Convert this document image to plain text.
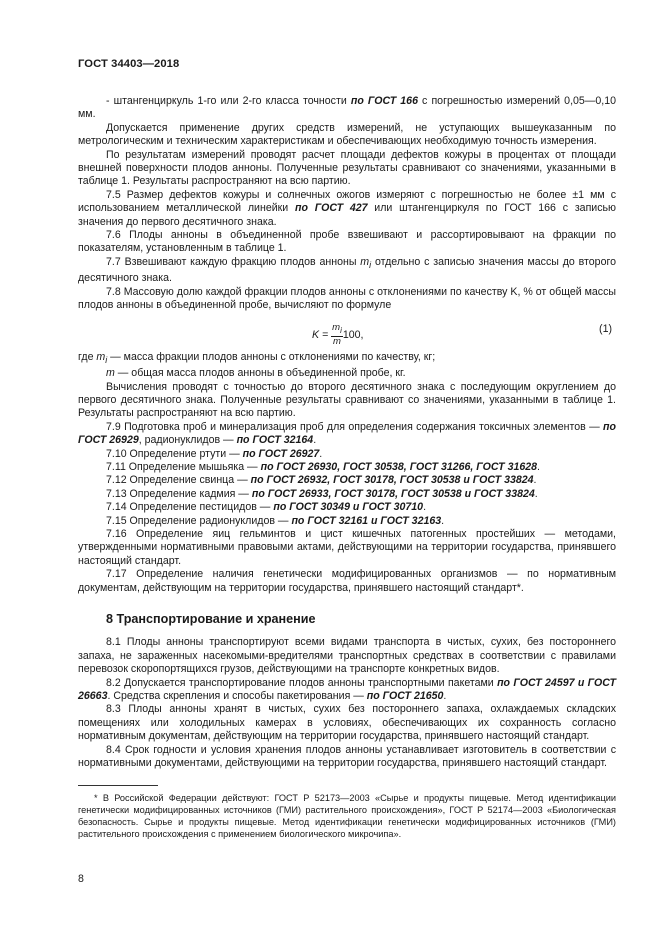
ГОСТ 34403—2018

- штангенциркуль 1-го или 2-го класса точности по ГОСТ 166 с погрешностью измерений 0,05—0,10 мм.

Допускается применение других средств измерений, не уступающих вышеуказанным по метрологическим и техническим характеристикам и обеспечивающих необходимую точность измерения.

По результатам измерений проводят расчет площади дефектов кожуры в процентах от площади внешней поверхности плодов анноны. Полученные результаты сравнивают со значениями, указанными в таблице 1. Результаты распространяют на всю партию.

7.5 Размер дефектов кожуры и солнечных ожогов измеряют с погрешностью не более ±1 мм с использованием металлической линейки по ГОСТ 427 или штангенциркуля по ГОСТ 166 с записью значения до первого десятичного знака.

7.6 Плоды анноны в объединенной пробе взвешивают и рассортировывают на фракции по показателям, установленным в таблице 1.

7.7 Взвешивают каждую фракцию плодов анноны $m_i$ отдельно с записью значения массы до второго десятичного знака.

7.8 Массовую долю каждой фракции плодов анноны с отклонениями по качеству K, % от общей массы плодов анноны в объединенной пробе, вычисляют по формуле

$K = \frac{m_i}{m} 100$,	(1)

где $m_i$ — масса фракции плодов анноны с отклонениями по качеству, кг;

m — общая масса плодов анноны в объединенной пробе, кг.

Вычисления проводят с точностью до второго десятичного знака с последующим округлением до первого десятичного знака. Полученные результаты сравнивают со значениями, указанными в таблице 1. Результаты распространяют на всю партию.

7.9 Подготовка проб и минерализация проб для определения содержания токсичных элементов — по ГОСТ 26929, радионуклидов — по ГОСТ 32164.

7.10 Определение ртути — по ГОСТ 26927.

7.11 Определение мышьяка — по ГОСТ 26930, ГОСТ 30538, ГОСТ 31266, ГОСТ 31628.

7.12 Определение свинца — по ГОСТ 26932, ГОСТ 30178, ГОСТ 30538 и ГОСТ 33824.

7.13 Определение кадмия — по ГОСТ 26933, ГОСТ 30178, ГОСТ 30538 и ГОСТ 33824.

7.14 Определение пестицидов — по ГОСТ 30349 и ГОСТ 30710.

7.15 Определение радионуклидов — по ГОСТ 32161 и ГОСТ 32163.

7.16 Определение яиц гельминтов и цист кишечных патогенных простейших — методами, утвержденными нормативными правовыми актами, действующими на территории государства, принявшего настоящий стандарт.

7.17 Определение наличия генетически модифицированных организмов — по нормативным документам, действующим на территории государства, принявшего настоящий стандарт*.

8 Транспортирование и хранение

8.1 Плоды анноны транспортируют всеми видами транспорта в чистых, сухих, без постороннего запаха, не зараженных насекомыми-вредителями транспортных средствах в соответствии с правилами перевозок скоропортящихся грузов, действующими на транспорте конкретных видов.

8.2 Допускается транспортирование плодов анноны транспортными пакетами по ГОСТ 24597 и ГОСТ 26663. Средства скрепления и способы пакетирования — по ГОСТ 21650.

8.3 Плоды анноны хранят в чистых, сухих без постороннего запаха, охлаждаемых складских помещениях или холодильных камерах в условиях, обеспечивающих их сохранность согласно нормативным документам, действующим на территории государства, принявшего настоящий стандарт.

8.4 Срок годности и условия хранения плодов анноны устанавливает изготовитель в соответствии с нормативными документами, действующими на территории государства, принявшего настоящий стандарт.

* В Российской Федерации действуют: ГОСТ Р 52173—2003 «Сырье и продукты пищевые. Метод идентификации генетически модифицированных источников (ГМИ) растительного происхождения», ГОСТ Р 52174—2003 «Биологическая безопасность. Сырье и продукты пищевые. Метод идентификации генетически модифицированных источников (ГМИ) растительного происхождения с применением биологического микрочипа».

8
